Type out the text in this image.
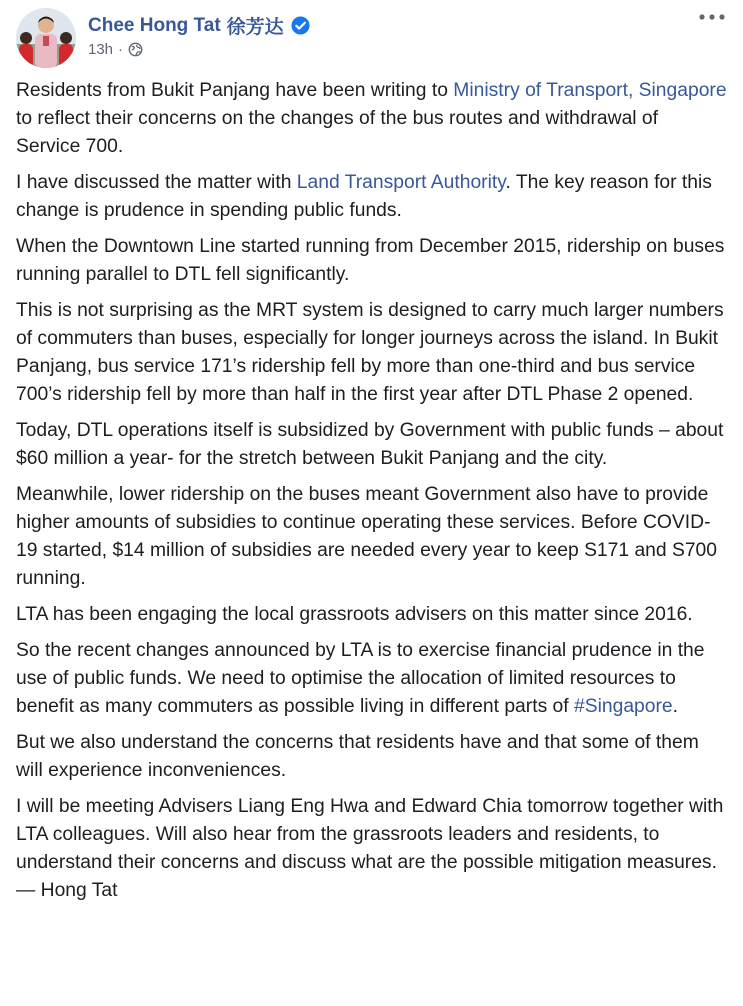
Chee Hong Tat 徐芳达
13h ·

Residents from Bukit Panjang have been writing to Ministry of Transport, Singapore to reflect their concerns on the changes of the bus routes and withdrawal of Service 700.

I have discussed the matter with Land Transport Authority. The key reason for this change is prudence in spending public funds.

When the Downtown Line started running from December 2015, ridership on buses running parallel to DTL fell significantly.

This is not surprising as the MRT system is designed to carry much larger numbers of commuters than buses, especially for longer journeys across the island. In Bukit Panjang, bus service 171’s ridership fell by more than one-third and bus service 700’s ridership fell by more than half in the first year after DTL Phase 2 opened.

Today, DTL operations itself is subsidized by Government with public funds – about $60 million a year- for the stretch between Bukit Panjang and the city.

Meanwhile, lower ridership on the buses meant Government also have to provide higher amounts of subsidies to continue operating these services. Before COVID-19 started, $14 million of subsidies are needed every year to keep S171 and S700 running.

LTA has been engaging the local grassroots advisers on this matter since 2016.

So the recent changes announced by LTA is to exercise financial prudence in the use of public funds. We need to optimise the allocation of limited resources to benefit as many commuters as possible living in different parts of #Singapore.

But we also understand the concerns that residents have and that some of them will experience inconveniences.

I will be meeting Advisers Liang Eng Hwa and Edward Chia tomorrow together with LTA colleagues. Will also hear from the grassroots leaders and residents, to understand their concerns and discuss what are the possible mitigation measures. — Hong Tat
